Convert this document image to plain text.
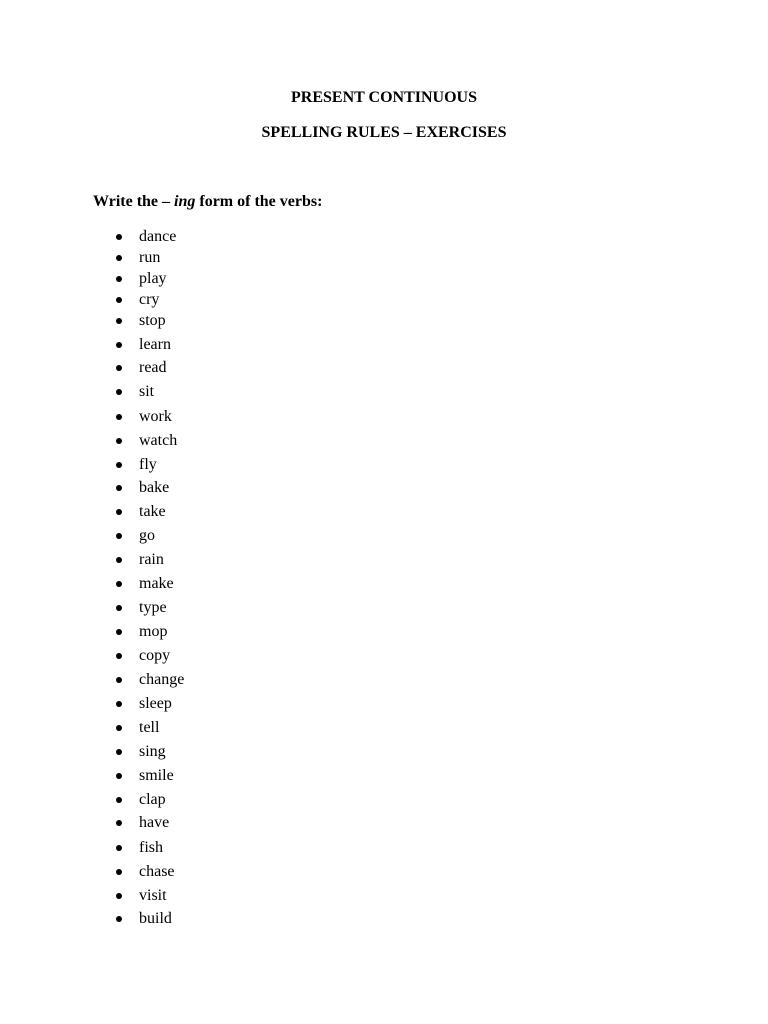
PRESENT CONTINUOUS
SPELLING RULES – EXERCISES

Write the – ing form of the verbs:

dance
run
play
cry
stop
learn
read
sit
work
watch
fly
bake
take
go
rain
make
type
mop
copy
change
sleep
tell
sing
smile
clap
have
fish
chase
visit
build
